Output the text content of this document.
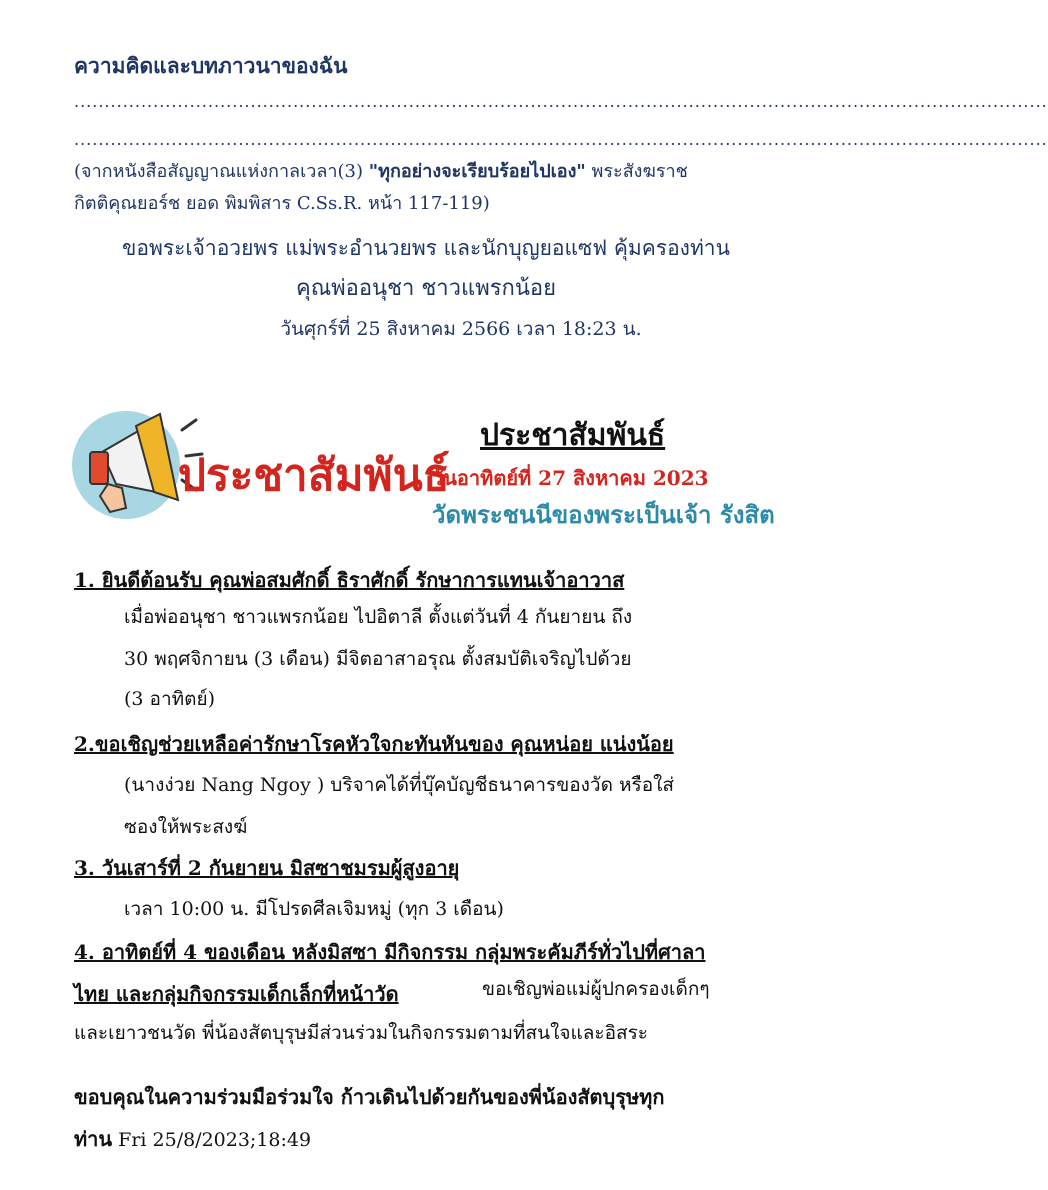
ความคิดและบทภาวนาของฉัน
................................................................................................................................................................
................................................................................................................................................................
(จากหนังสือสัญญาณแห่งกาลเวลา(3) "ทุกอย่างจะเรียบร้อยไปเอง" พระสังฆราช
กิตติคุณยอร์ช ยอด พิมพิสาร C.Ss.R. หน้า 117-119)
ขอพระเจ้าอวยพร แม่พระอำนวยพร และนักบุญยอแซฟ คุ้มครองท่าน
คุณพ่ออนุชา ชาวแพรกน้อย
วันศุกร์ที่ 25 สิงหาคม 2566 เวลา 18:23 น.
ประชาสัมพันธ์
ประชาสัมพันธ์
วันอาทิตย์ที่ 27 สิงหาคม 2023
วัดพระชนนีของพระเป็นเจ้า รังสิต
1. ยินดีต้อนรับ คุณพ่อสมศักดิ์ ธิราศักดิ์ รักษาการแทนเจ้าอาวาส
เมื่อพ่ออนุชา ชาวแพรกน้อย ไปอิตาลี ตั้งแต่วันที่ 4 กันยายน ถึง
30 พฤศจิกายน (3 เดือน) มีจิตอาสาอรุณ ตั้งสมบัติเจริญไปด้วย
(3 อาทิตย์)
2.ขอเชิญช่วยเหลือค่ารักษาโรคหัวใจกะทันหันของ คุณหน่อย แน่งน้อย
(นางง่วย Nang Ngoy ) บริจาคได้ที่บุ๊คบัญชีธนาคารของวัด หรือใส่
ซองให้พระสงฆ์
3. วันเสาร์ที่ 2 กันยายน มิสซาชมรมผู้สูงอายุ
เวลา 10:00 น. มีโปรดศีลเจิมหมู่ (ทุก 3 เดือน)
4. อาทิตย์ที่ 4 ของเดือน หลังมิสซา มีกิจกรรม กลุ่มพระคัมภีร์ทั่วไปที่ศาลา
ไทย และกลุ่มกิจกรรมเด็กเล็กที่หน้าวัด	ขอเชิญพ่อแม่ผู้ปกครองเด็กๆ
และเยาวชนวัด พี่น้องสัตบุรุษมีส่วนร่วมในกิจกรรมตามที่สนใจและอิสระ
ขอบคุณในความร่วมมือร่วมใจ ก้าวเดินไปด้วยกันของพี่น้องสัตบุรุษทุก
ท่าน Fri 25/8/2023;18:49
